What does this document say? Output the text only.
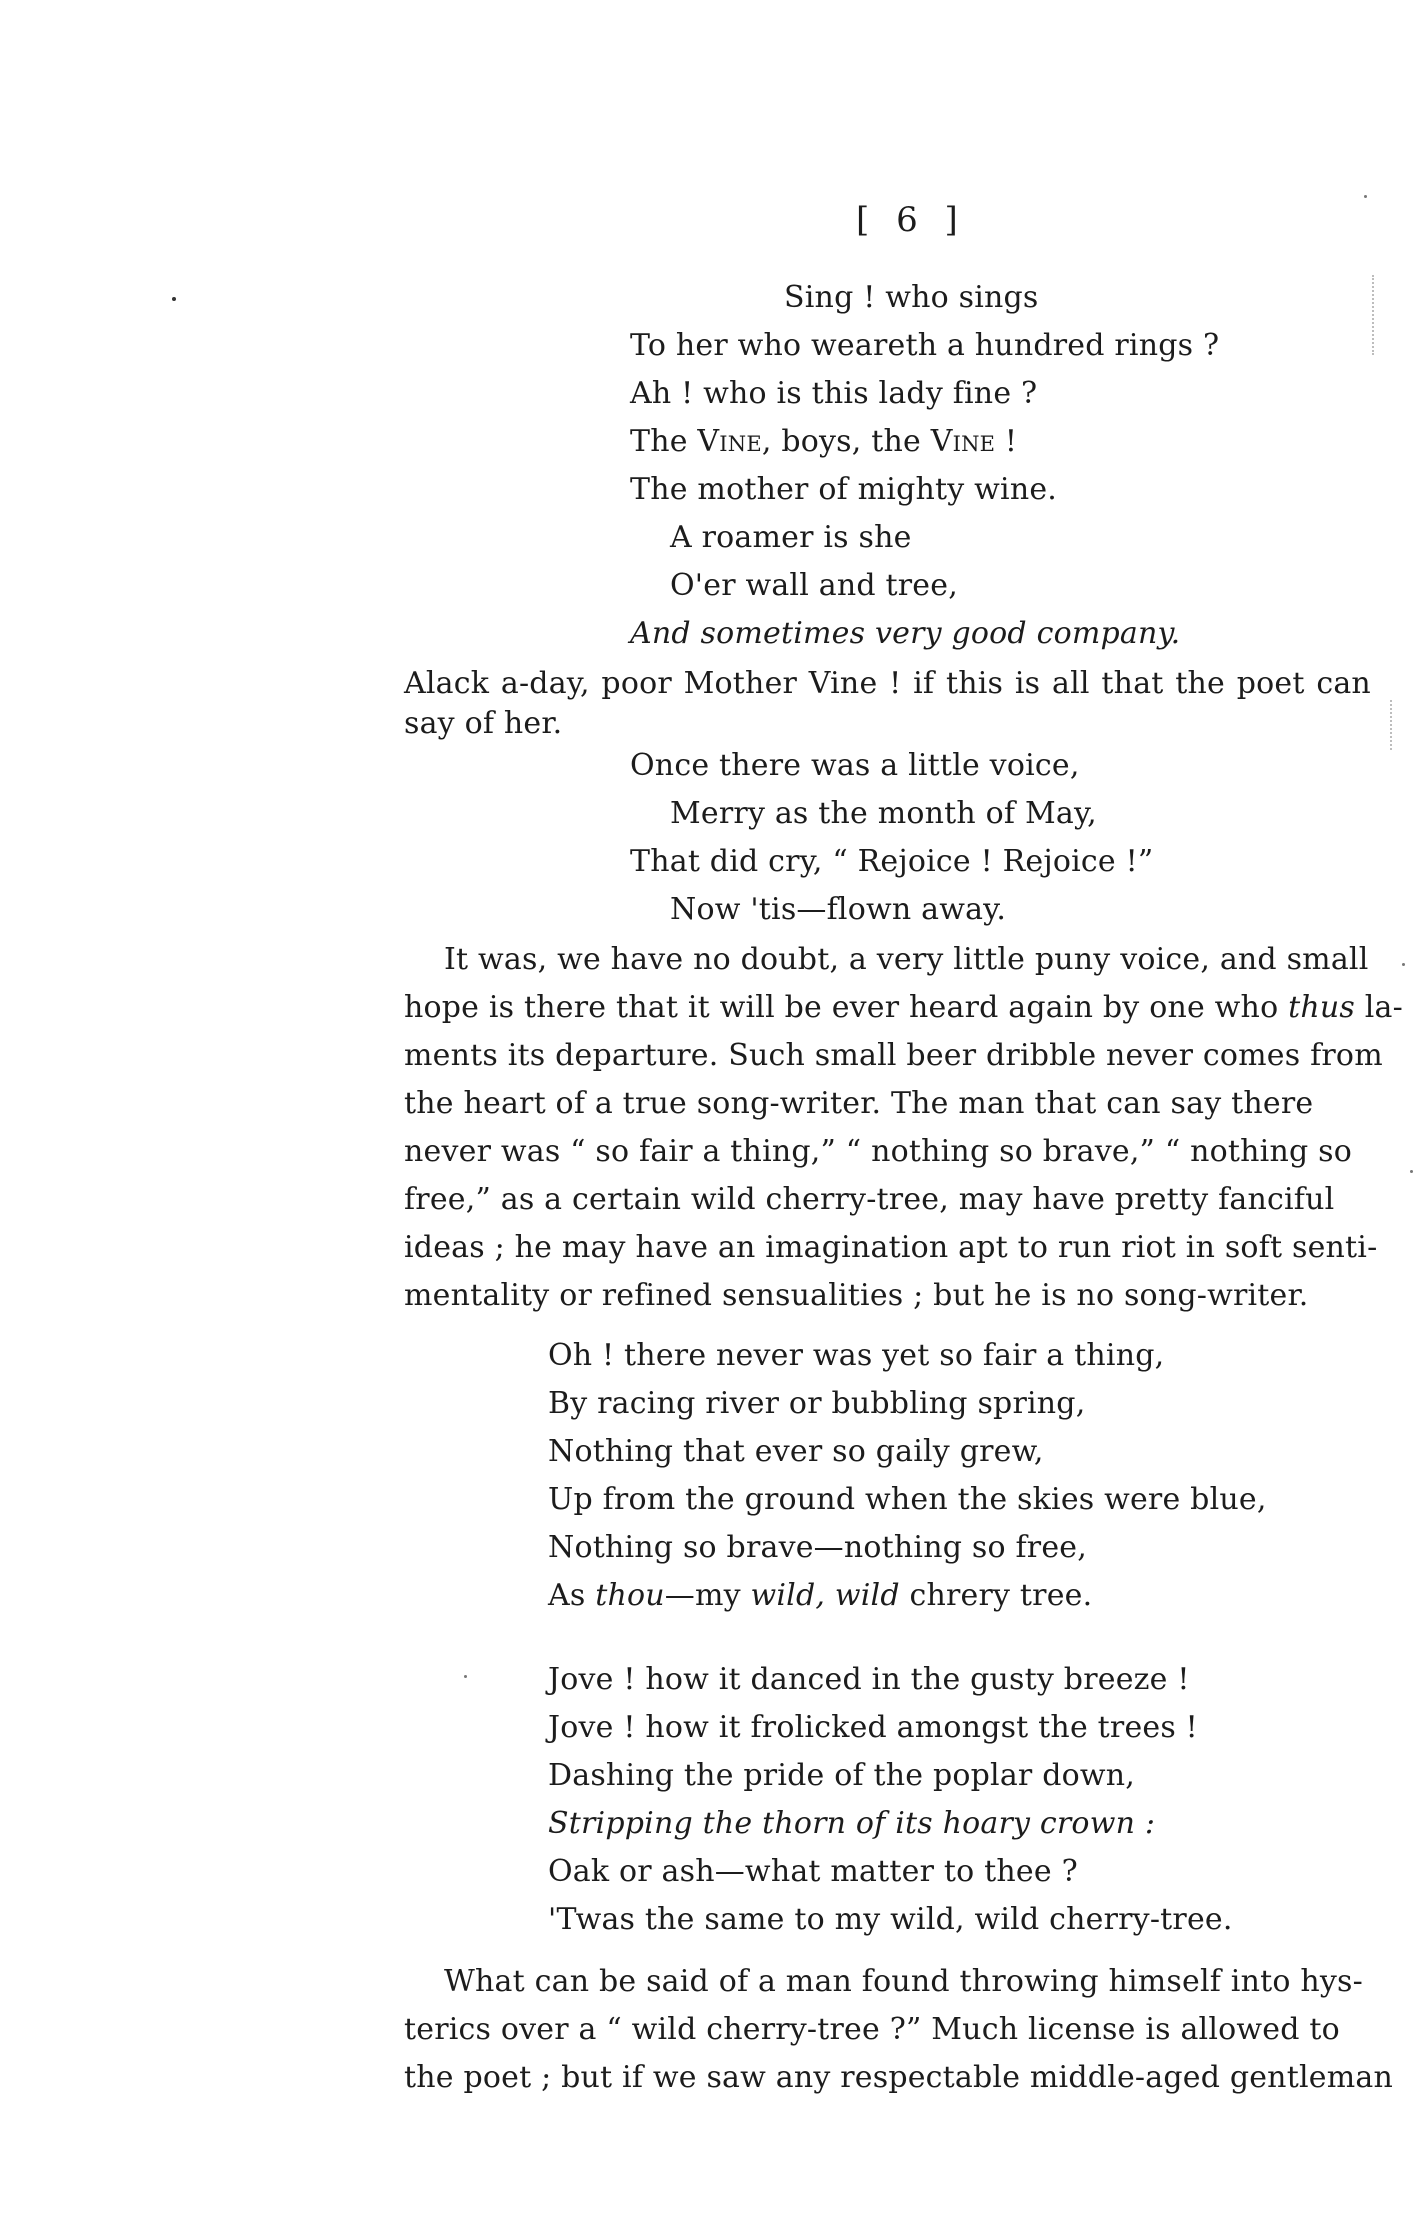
[ 6 ]
Sing ! who sings
To her who weareth a hundred rings ?
Ah ! who is this lady fine ?
The Vine, boys, the Vine !
The mother of mighty wine.
A roamer is she
O'er wall and tree,
And sometimes very good company.
Alack a-day, poor Mother Vine ! if this is all that the poet can
say of her.
Once there was a little voice,
Merry as the month of May,
That did cry, “ Rejoice ! Rejoice !”
Now 'tis—flown away.
It was, we have no doubt, a very little puny voice, and small
hope is there that it will be ever heard again by one who thus la-
ments its departure. Such small beer dribble never comes from
the heart of a true song-writer. The man that can say there
never was “ so fair a thing,” “ nothing so brave,” “ nothing so
free,” as a certain wild cherry-tree, may have pretty fanciful
ideas ; he may have an imagination apt to run riot in soft senti-
mentality or refined sensualities ; but he is no song-writer.
Oh ! there never was yet so fair a thing,
By racing river or bubbling spring,
Nothing that ever so gaily grew,
Up from the ground when the skies were blue,
Nothing so brave—nothing so free,
As thou—my wild, wild chrery tree.
Jove ! how it danced in the gusty breeze !
Jove ! how it frolicked amongst the trees !
Dashing the pride of the poplar down,
Stripping the thorn of its hoary crown :
Oak or ash—what matter to thee ?
'Twas the same to my wild, wild cherry-tree.
What can be said of a man found throwing himself into hys-
terics over a “ wild cherry-tree ?” Much license is allowed to
the poet ; but if we saw any respectable middle-aged gentleman
